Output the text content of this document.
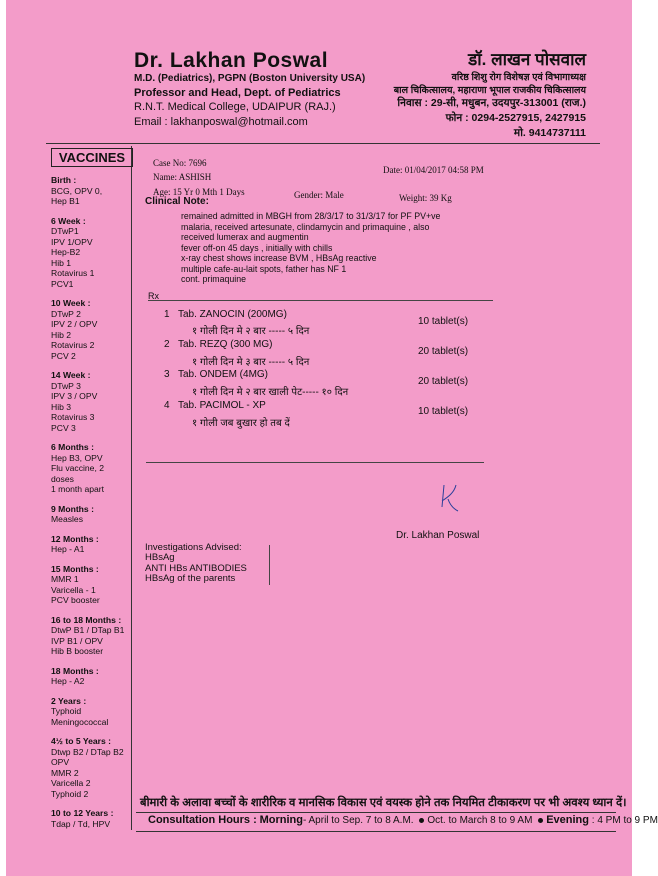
Dr. Lakhan Poswal
M.D. (Pediatrics), PGPN (Boston University USA)
Professor and Head, Dept. of Pediatrics
R.N.T. Medical College, UDAIPUR (RAJ.)
Email : lakhanposwal@hotmail.com
डॉ. लाखन पोसवाल
वरिष्ठ शिशु रोग विशेषज्ञ एवं विभागाध्यक्ष
बाल चिकित्सालय, महाराणा भूपाल राजकीय चिकित्सालय
निवास : 29-सी, मधुबन, उदयपुर-313001 (राज.)
फोन : 0294-2527915, 2427915
मो. 9414737111
VACCINES
Birth :
BCG, OPV 0,
Hep B1
6 Week :
DTwP1
IPV 1/OPV
Hep-B2
Hib 1
Rotavirus 1
PCV1
10 Week :
DTwP 2
IPV 2 / OPV
Hib 2
Rotavirus 2
PCV 2
14 Week :
DTwP 3
IPV 3 / OPV
Hib 3
Rotavirus 3
PCV 3
6 Months :
Hep B3, OPV
Flu vaccine, 2 doses
1 month apart
9 Months :
Measles
12 Months :
Hep - A1
15 Months :
MMR 1
Varicella - 1
PCV booster
16 to 18 Months :
DtwP B1 / DTap B1
IVP B1 / OPV
Hib B booster
18 Months :
Hep - A2
2 Years :
Typhoid
Meningococcal
4½ to 5 Years :
Dtwp B2 / DTap B2
OPV
MMR 2
Varicella 2
Typhoid 2
10 to 12 Years :
Tdap / Td, HPV
Case No: 7696
Date: 01/04/2017 04:58 PM
Name: ASHISH
Age: 15 Yr 0 Mth 1 Days	Gender: Male	Weight: 39 Kg
Clinical Note:
remained admitted in MBGH from 28/3/17 to 31/3/17 for PF PV+ve
malaria, received artesunate, clindamycin and primaquine , also
received lumerax and augmentin
fever off-on 45 days , initially with chills
x-ray chest shows increase BVM , HBsAg reactive
multiple cafe-au-lait spots, father has NF 1
cont. primaquine
Rx
1 Tab. ZANOCIN (200MG)
१ गोली दिन मे २ बार ----- ५ दिन
10 tablet(s)
2 Tab. REZQ (300 MG)
१ गोली दिन मे ३ बार ----- ५ दिन
20 tablet(s)
3 Tab. ONDEM (4MG)
१ गोली दिन मे २ बार खाली पेट----- १० दिन
20 tablet(s)
4 Tab. PACIMOL - XP
१ गोली जब बुखार हो तब दें
10 tablet(s)
Dr. Lakhan Poswal
Investigations Advised:
HBsAg
ANTI HBs ANTIBODIES
HBsAg of the parents
बीमारी के अलावा बच्चों के शारीरिक व मानसिक विकास एवं वयस्क होने तक नियमित टीकाकरण पर भी अवश्य ध्यान दें।
Consultation Hours : Morning- April to Sep. 7 to 8 A.M. Oct. to March 8 to 9 AM Evening : 4 PM to 9 PM
